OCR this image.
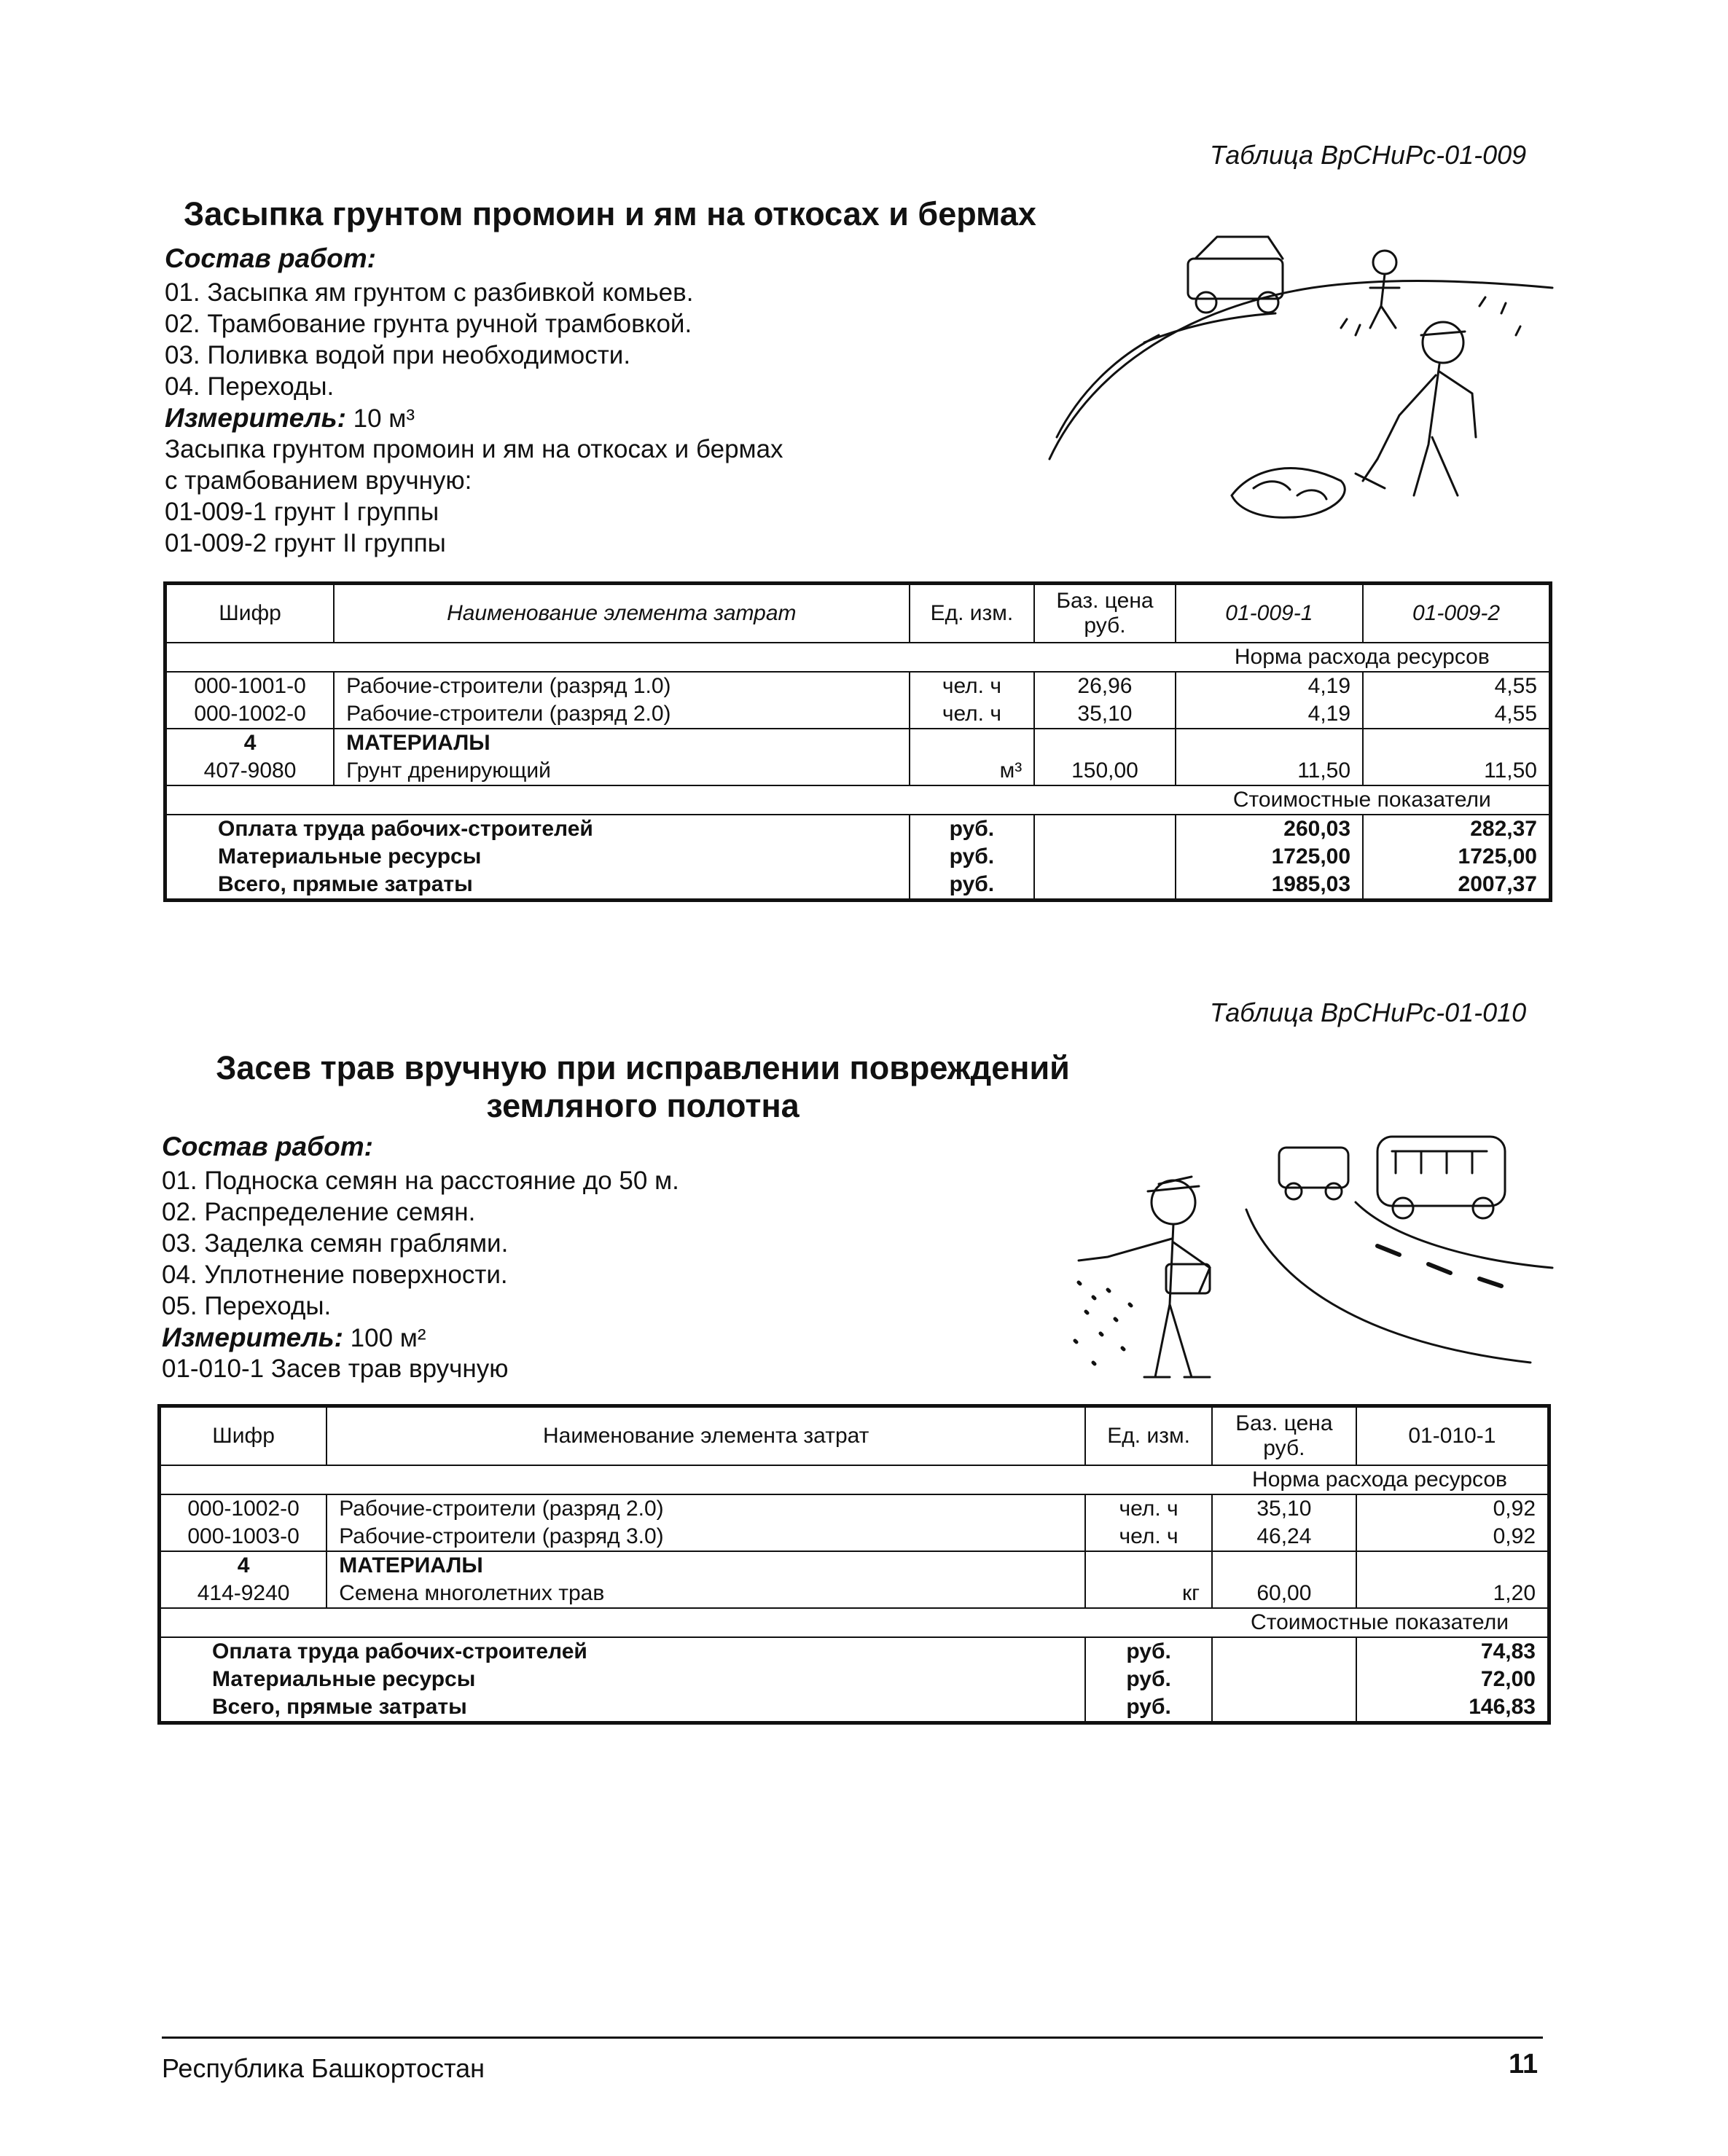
Таблица ВрСНиРс-01-009
Засыпка грунтом промоин и ям на откосах и бермах
Состав работ:
01. Засыпка ям грунтом с разбивкой комьев.
02. Трамбование грунта ручной трамбовкой.
03. Поливка водой при необходимости.
04. Переходы.
Измеритель: 10 м³
Засыпка грунтом промоин и ям на откосах и бермах
с трамбованием вручную:
01-009-1 грунт I группы
01-009-2 грунт II группы
Шифр	Наименование элемента затрат	Ед. изм.	Баз. цена руб.	01-009-1	01-009-2
				Норма расхода ресурсов	
000-1001-0	Рабочие-строители (разряд 1.0)	чел. ч	26,96	4,19	4,55
000-1002-0	Рабочие-строители (разряд 2.0)	чел. ч	35,10	4,19	4,55
4	МАТЕРИАЛЫ				
407-9080	Грунт дренирующий	м³	150,00	11,50	11,50
				Стоимостные показатели	
Оплата труда рабочих-строителей		руб.		260,03	282,37
Материальные ресурсы		руб.		1725,00	1725,00
Всего, прямые затраты		руб.		1985,03	2007,37
Таблица ВрСНиРс-01-010
Засев трав вручную при исправлении повреждений
земляного полотна
Состав работ:
01. Подноска семян на расстояние до 50 м.
02. Распределение семян.
03. Заделка семян граблями.
04. Уплотнение поверхности.
05. Переходы.
Измеритель: 100 м²
01-010-1 Засев трав вручную
Шифр	Наименование элемента затрат	Ед. изм.	Баз. цена руб.	01-010-1
			Норма расхода ресурсов	
000-1002-0	Рабочие-строители (разряд 2.0)	чел. ч	35,10	0,92
000-1003-0	Рабочие-строители (разряд 3.0)	чел. ч	46,24	0,92
4	МАТЕРИАЛЫ			
414-9240	Семена многолетних трав	кг	60,00	1,20
			Стоимостные показатели	
Оплата труда рабочих-строителей		руб.		74,83
Материальные ресурсы		руб.		72,00
Всего, прямые затраты		руб.		146,83
Республика Башкортостан	11
